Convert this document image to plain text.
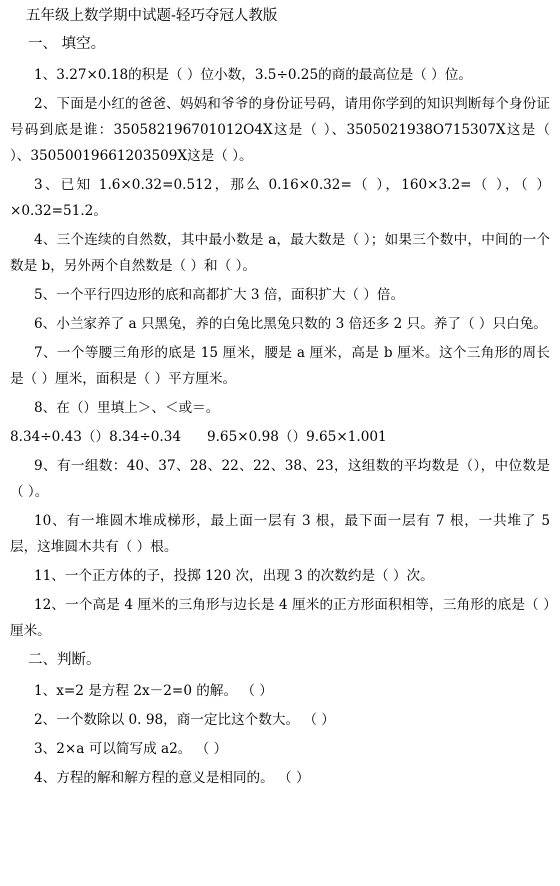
五年级上数学期中试题-轻巧夺冠人教版
一、 填空。

1、3.27×0.18的积是（ ）位小数，3.5÷0.25的商的最高位是（ ）位。

2、下面是小红的爸爸、妈妈和爷爷的身份证号码，请用你学到的知识判断每个身份证号码到底是谁：350582196701012O4X这是（ ）、3505021938O715307X这是（ ）、35050019661203509X这是（ ）。

3、已知 1.6×0.32=0.512，那么 0.16×0.32=（ ），160×3.2=（ ），（ ）×0.32=51.2。

4、三个连续的自然数，其中最小数是 a，最大数是（ ）；如果三个数中，中间的一个数是 b，另外两个自然数是（ ）和（ ）。

5、一个平行四边形的底和高都扩大 3 倍，面积扩大（ ）倍。

6、小兰家养了 a 只黑兔，养的白兔比黑兔只数的 3 倍还多 2 只。养了（ ）只白兔。

7、一个等腰三角形的底是 15 厘米，腰是 a 厘米，高是 b 厘米。这个三角形的周长是（ ）厘米，面积是（ ）平方厘米。

8、在（）里填上＞、＜或＝。

8.34÷0.43（）8.34÷0.34      9.65×0.98（）9.65×1.001

9、有一组数：40、37、28、22、22、38、23，这组数的平均数是（），中位数是（ ）。

10、有一堆圆木堆成梯形，最上面一层有 3 根，最下面一层有 7 根，一共堆了 5 层，这堆圆木共有（ ）根。

11、一个正方体的子，投掷 120 次，出现 3 的次数约是（ ）次。

12、一个高是 4 厘米的三角形与边长是 4 厘米的正方形面积相等，三角形的底是（ ）厘米。

二、判断。

1、x=2 是方程 2x－2=0 的解。 （ ）

2、一个数除以 0. 98，商一定比这个数大。 （ ）

3、2×a 可以简写成 a2。 （ ）

4、方程的解和解方程的意义是相同的。 （ ）
